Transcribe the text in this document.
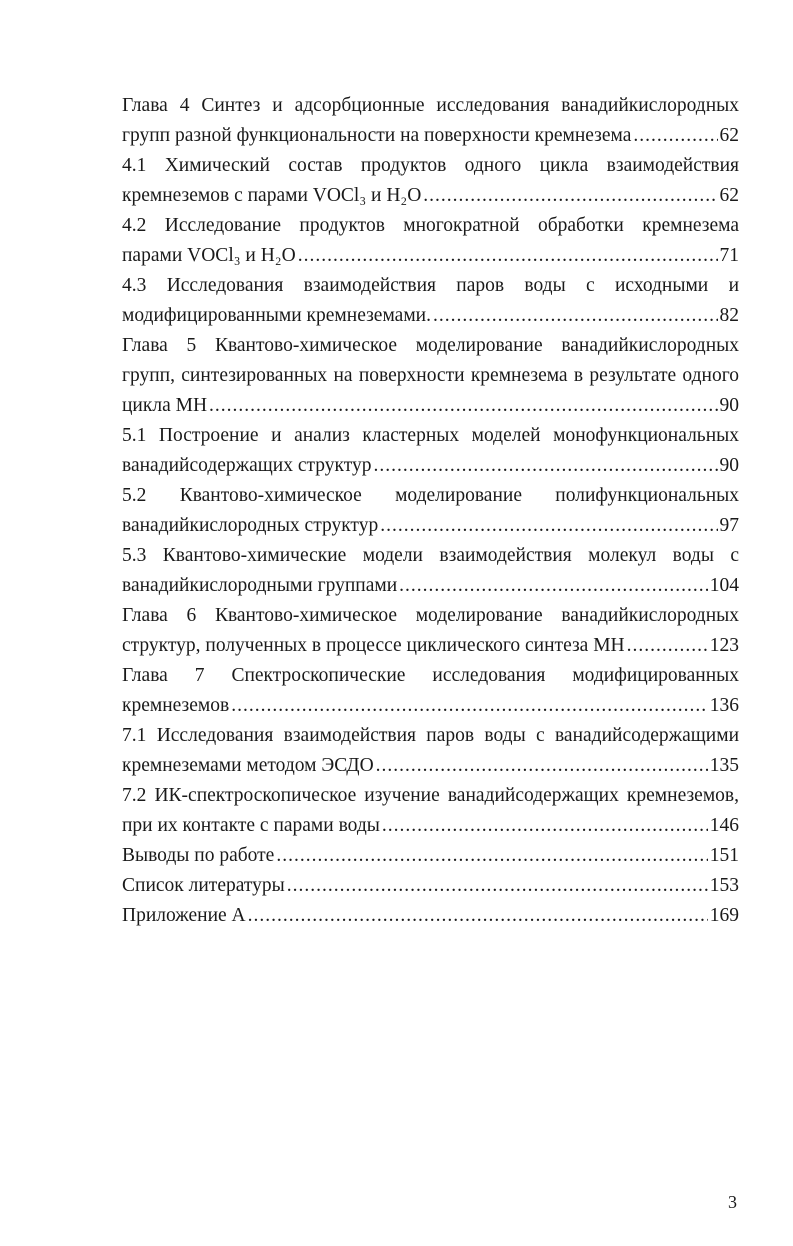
Глава 4 Синтез и адсорбционные исследования ванадийкислородных
групп разной функциональности на поверхности кремнезема .....	62
4.1 Химический состав продуктов одного цикла взаимодействия
кремнеземов с парами VOCl₃ и H₂O .....	62
4.2 Исследование продуктов многократной обработки кремнезема
парами VOCl₃ и H₂O .....	71
4.3 Исследования взаимодействия паров воды с исходными и
модифицированными кремнеземами. .....	82
Глава 5 Квантово-химическое моделирование ванадийкислородных
групп, синтезированных на поверхности кремнезема в результате одного
цикла МН .....	90
5.1 Построение и анализ кластерных моделей монофункциональных
ванадийсодержащих структур .....	90
5.2 Квантово-химическое моделирование полифункциональных
ванадийкислородных структур .....	97
5.3 Квантово-химические модели взаимодействия молекул воды с
ванадийкислородными группами .....	104
Глава 6 Квантово-химическое моделирование ванадийкислородных
структур, полученных в процессе циклического синтеза МН .....	123
Глава 7 Спектроскопические исследования модифицированных
кремнеземов .....	136
7.1 Исследования взаимодействия паров воды с ванадийсодержащими
кремнеземами методом ЭСДО .....	135
7.2 ИК-спектроскопическое изучение ванадийсодержащих кремнеземов,
при их контакте с парами воды .....	146
Выводы по работе .....	151
Список литературы .....	153
Приложение А .....	169
3
